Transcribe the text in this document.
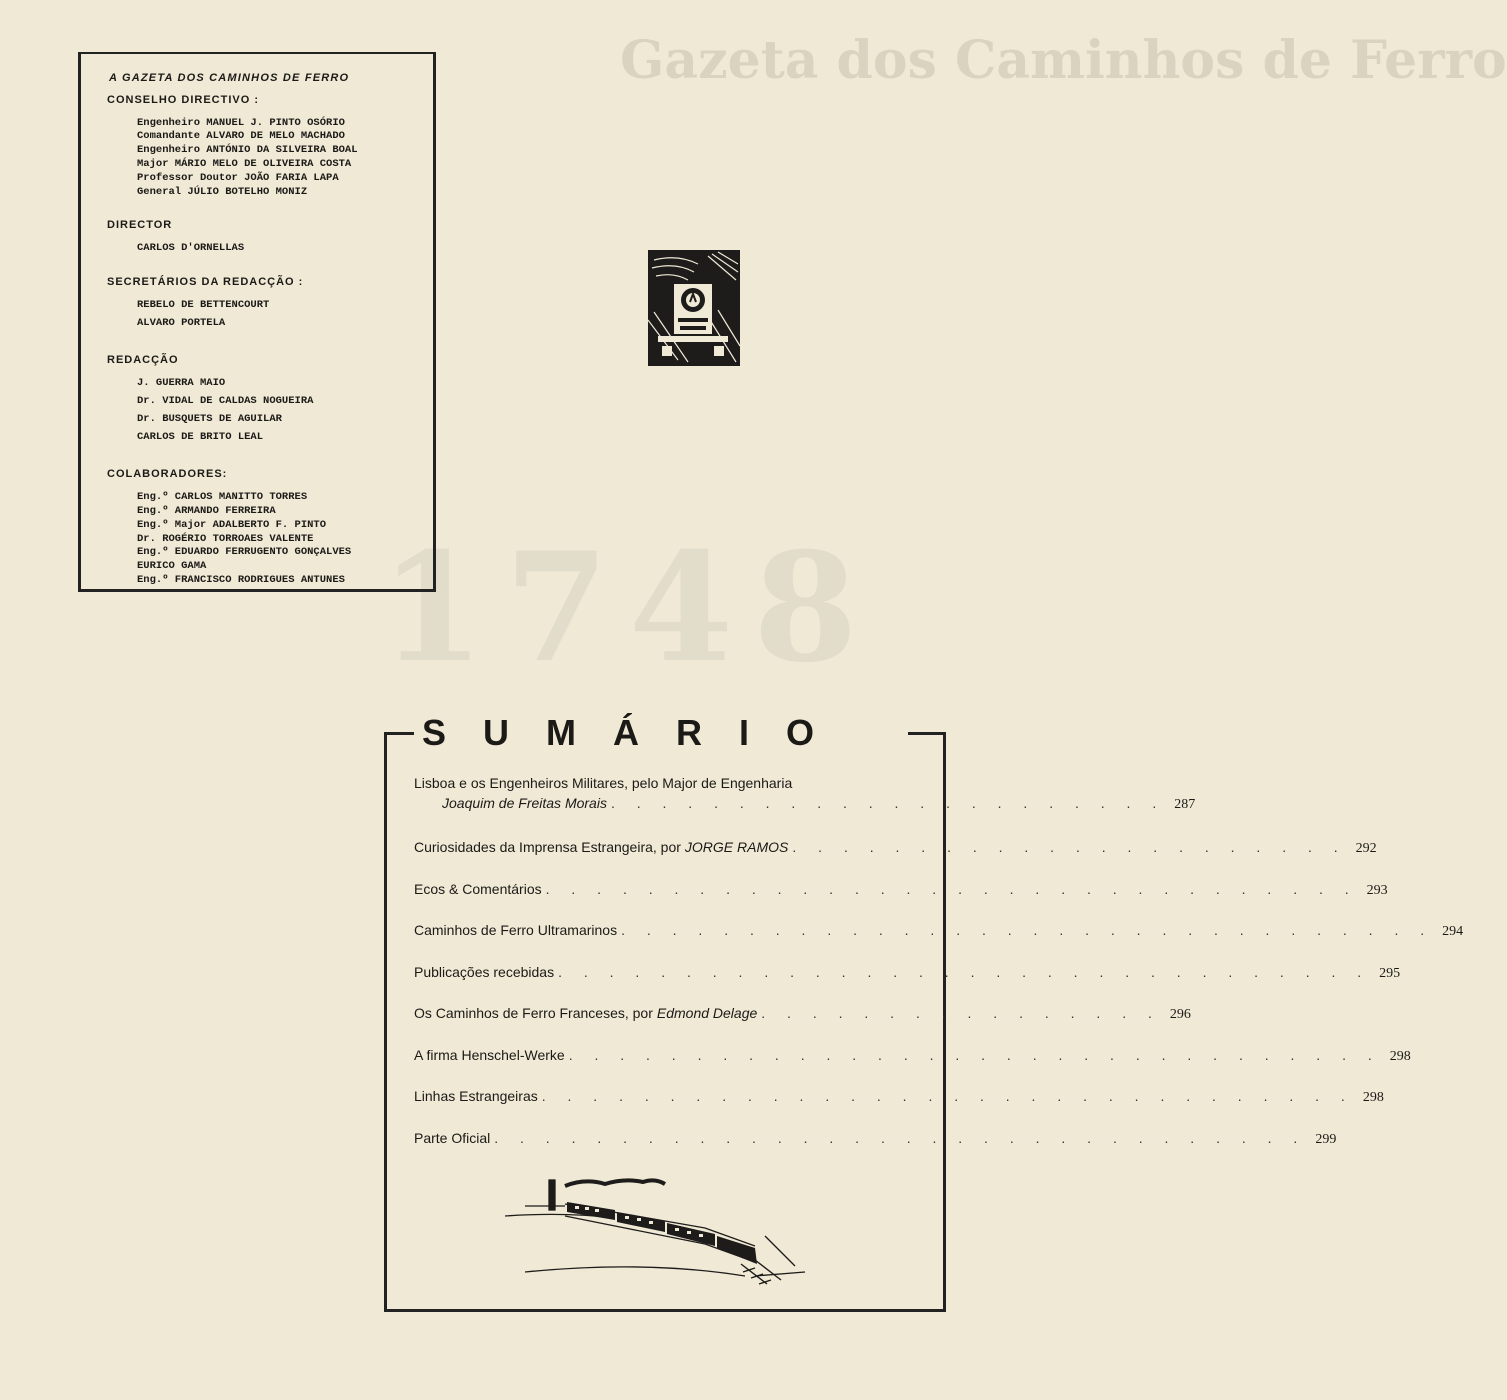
Gazeta dos Caminhos de Ferro
1748
A GAZETA DOS CAMINHOS DE FERRO
CONSELHO DIRECTIVO :
Engenheiro MANUEL J. PINTO OSÓRIO
Comandante ALVARO DE MELO MACHADO
Engenheiro ANTÓNIO DA SILVEIRA BOAL
Major MÁRIO MELO DE OLIVEIRA COSTA
Professor Doutor JOÃO FARIA LAPA
General JÚLIO BOTELHO MONIZ
DIRECTOR
CARLOS D'ORNELLAS
SECRETÁRIOS DA REDACÇÃO :
REBELO DE BETTENCOURT
ALVARO PORTELA
REDACÇÃO
J. GUERRA MAIO
Dr. VIDAL DE CALDAS NOGUEIRA
Dr. BUSQUETS DE AGUILAR
CARLOS DE BRITO LEAL
COLABORADORES:
Eng.º CARLOS MANITTO TORRES
Eng.º ARMANDO FERREIRA
Eng.º Major ADALBERTO F. PINTO
Dr. ROGÉRIO TORROAES VALENTE
Eng.º EDUARDO FERRUGENTO GONÇALVES
EURICO GAMA
Eng.º FRANCISCO RODRIGUES ANTUNES
SUMÁRIO
Lisboa e os Engenheiros Militares, pelo Major de Engenharia
Joaquim de Freitas Morais . . . . . . . . . . . . . . . . . . . . . . 287
Curiosidades da Imprensa Estrangeira, por JORGE RAMOS . . . . . . . . . . . . . . . . . . . . . . 292
Ecos & Comentários . . . . . . . . . . . . . . . . . . . . . . . . . . . . . . . . 293
Caminhos de Ferro Ultramarinos . . . . . . . . . . . . . . . . . . . . . . . . . . . . . . . . 294
Publicações recebidas . . . . . . . . . . . . . . . . . . . . . . . . . . . . . . . . 295
Os Caminhos de Ferro Franceses, por Edmond Delage . . . . . . . . . . . . . . . . 296
A firma Henschel-Werke . . . . . . . . . . . . . . . . . . . . . . . . . . . . . . . . 298
Linhas Estrangeiras . . . . . . . . . . . . . . . . . . . . . . . . . . . . . . . . 298
Parte Oficial . . . . . . . . . . . . . . . . . . . . . . . . . . . . . . . . 299
